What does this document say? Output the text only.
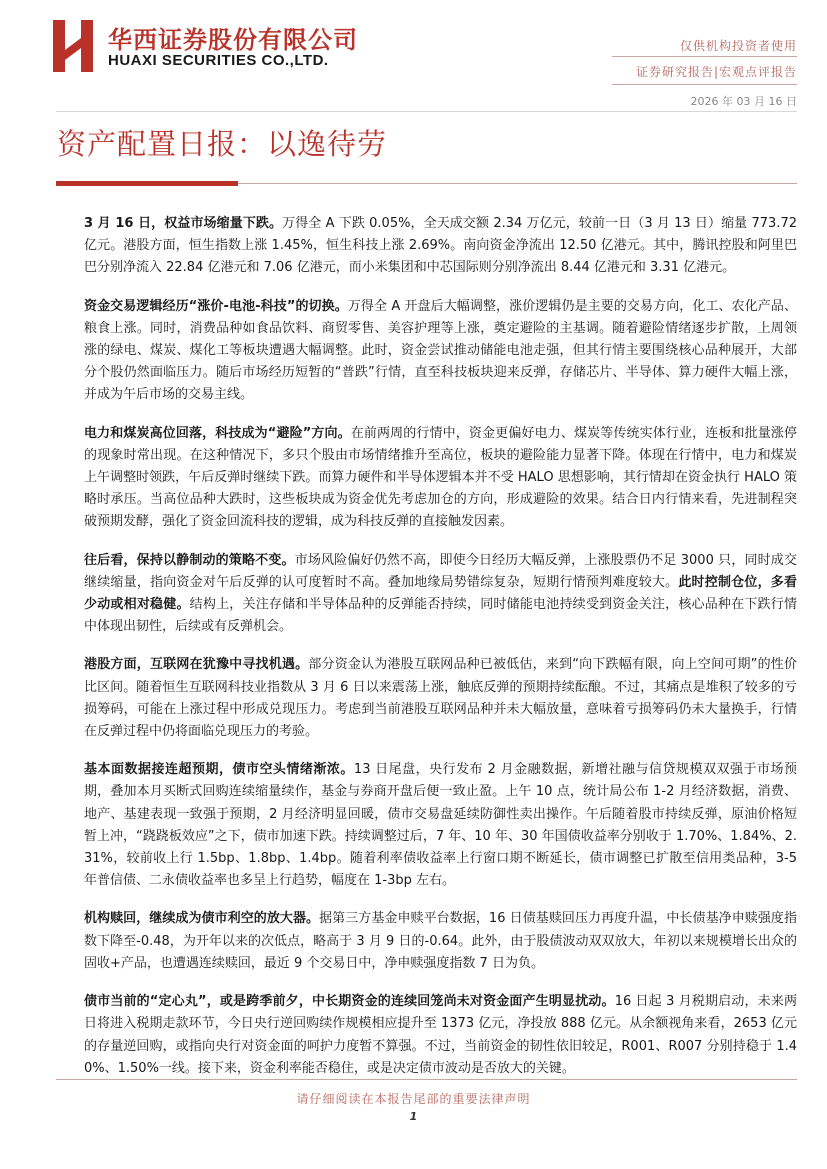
华西证券股份有限公司
HUAXI SECURITIES CO.,LTD.
仅供机构投资者使用
证券研究报告|宏观点评报告
2026 年 03 月 16 日
资产配置日报：以逸待劳

3 月 16 日，权益市场缩量下跌。万得全 A 下跌 0.05%，全天成交额 2.34 万亿元，较前一日（3 月 13 日）缩量 773.72 亿元。港股方面，恒生指数上涨 1.45%，恒生科技上涨 2.69%。南向资金净流出 12.50 亿港元。其中，腾讯控股和阿里巴巴分别净流入 22.84 亿港元和 7.06 亿港元，而小米集团和中芯国际则分别净流出 8.44 亿港元和 3.31 亿港元。

资金交易逻辑经历“涨价-电池-科技”的切换。万得全 A 开盘后大幅调整，涨价逻辑仍是主要的交易方向，化工、农化产品、粮食上涨。同时，消费品种如食品饮料、商贸零售、美容护理等上涨，奠定避险的主基调。随着避险情绪逐步扩散，上周领涨的绿电、煤炭、煤化工等板块遭遇大幅调整。此时，资金尝试推动储能电池走强，但其行情主要围绕核心品种展开，大部分个股仍然面临压力。随后市场经历短暂的“普跌”行情，直至科技板块迎来反弹，存储芯片、半导体、算力硬件大幅上涨，并成为午后市场的交易主线。

电力和煤炭高位回落，科技成为“避险”方向。在前两周的行情中，资金更偏好电力、煤炭等传统实体行业，连板和批量涨停的现象时常出现。在这种情况下，多只个股由市场情绪推升至高位，板块的避险能力显著下降。体现在行情中，电力和煤炭上午调整时领跌，午后反弹时继续下跌。而算力硬件和半导体逻辑本并不受 HALO 思想影响，其行情却在资金执行 HALO 策略时承压。当高位品种大跌时，这些板块成为资金优先考虑加仓的方向，形成避险的效果。结合日内行情来看，先进制程突破预期发酵，强化了资金回流科技的逻辑，成为科技反弹的直接触发因素。

往后看，保持以静制动的策略不变。市场风险偏好仍然不高，即使今日经历大幅反弹，上涨股票仍不足 3000 只，同时成交继续缩量，指向资金对午后反弹的认可度暂时不高。叠加地缘局势错综复杂，短期行情预判难度较大。此时控制仓位，多看少动或相对稳健。结构上，关注存储和半导体品种的反弹能否持续，同时储能电池持续受到资金关注，核心品种在下跌行情中体现出韧性，后续或有反弹机会。

港股方面，互联网在犹豫中寻找机遇。部分资金认为港股互联网品种已被低估，来到“向下跌幅有限，向上空间可期”的性价比区间。随着恒生互联网科技业指数从 3 月 6 日以来震荡上涨，触底反弹的预期持续酝酿。不过，其痛点是堆积了较多的亏损筹码，可能在上涨过程中形成兑现压力。考虑到当前港股互联网品种并未大幅放量，意味着亏损筹码仍未大量换手，行情在反弹过程中仍将面临兑现压力的考验。

基本面数据接连超预期，债市空头情绪渐浓。13 日尾盘，央行发布 2 月金融数据，新增社融与信贷规模双双强于市场预期，叠加本月买断式回购连续缩量续作，基金与券商开盘后便一致止盈。上午 10 点，统计局公布 1-2 月经济数据，消费、地产、基建表现一致强于预期，2 月经济明显回暖，债市交易盘延续防御性卖出操作。午后随着股市持续反弹，原油价格短暂上冲，“跷跷板效应”之下，债市加速下跌。持续调整过后，7 年、10 年、30 年国债收益率分别收于 1.70%、1.84%、2.31%，较前收上行 1.5bp、1.8bp、1.4bp。随着利率债收益率上行窗口期不断延长，债市调整已扩散至信用类品种，3-5 年普信债、二永债收益率也多呈上行趋势，幅度在 1-3bp 左右。

机构赎回，继续成为债市利空的放大器。据第三方基金申赎平台数据，16 日债基赎回压力再度升温，中长债基净申赎强度指数下降至-0.48，为开年以来的次低点，略高于 3 月 9 日的-0.64。此外，由于股债波动双双放大，年初以来规模增长出众的固收+产品，也遭遇连续赎回，最近 9 个交易日中，净申赎强度指数 7 日为负。

债市当前的“定心丸”，或是跨季前夕，中长期资金的连续回笼尚未对资金面产生明显扰动。16 日起 3 月税期启动，未来两日将进入税期走款环节，今日央行逆回购续作规模相应提升至 1373 亿元，净投放 888 亿元。从余额视角来看，2653 亿元的存量逆回购，或指向央行对资金面的呵护力度暂不算强。不过，当前资金的韧性依旧较足，R001、R007 分别持稳于 1.40%、1.50%一线。接下来，资金利率能否稳住，或是决定债市波动是否放大的关键。

请仔细阅读在本报告尾部的重要法律声明
1
